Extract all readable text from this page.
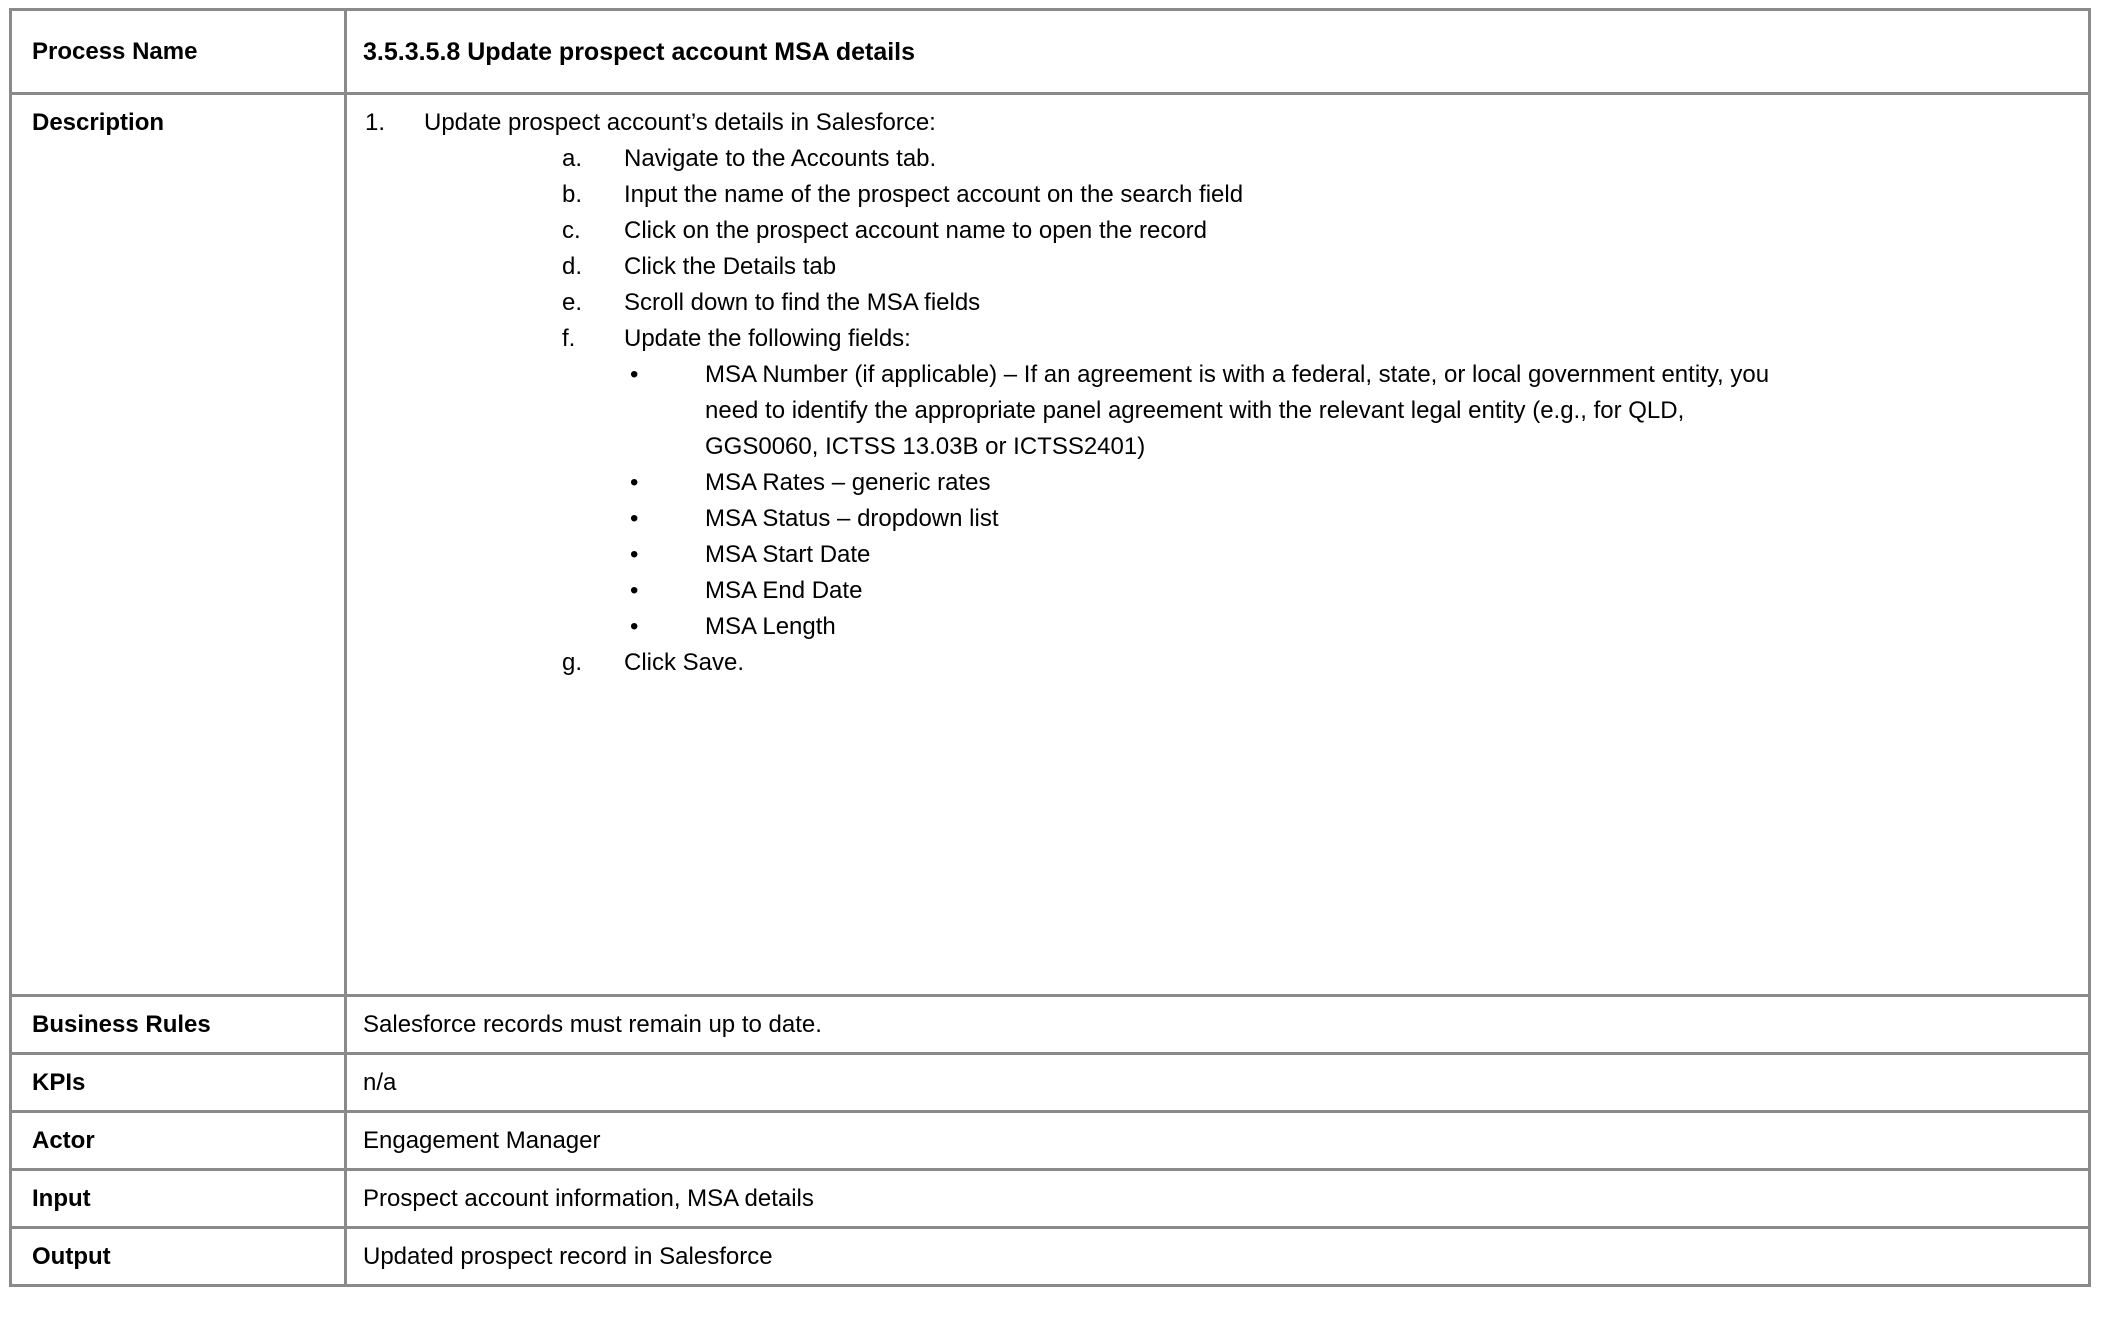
Process Name	3.5.3.5.8 Update prospect account MSA details
Description	1.	Update prospect account’s details in Salesforce:
a.	Navigate to the Accounts tab.
b.	Input the name of the prospect account on the search field
c.	Click on the prospect account name to open the record
d.	Click the Details tab
e.	Scroll down to find the MSA fields
f.	Update the following fields:
•	MSA Number (if applicable) – If an agreement is with a federal, state, or local government entity, you
need to identify the appropriate panel agreement with the relevant legal entity (e.g., for QLD,
GGS0060, ICTSS 13.03B or ICTSS2401)
•	MSA Rates – generic rates
•	MSA Status – dropdown list
•	MSA Start Date
•	MSA End Date
•	MSA Length
g.	Click Save.

Business Rules	Salesforce records must remain up to date.
KPIs	n/a
Actor	Engagement Manager
Input	Prospect account information, MSA details
Output	Updated prospect record in Salesforce
